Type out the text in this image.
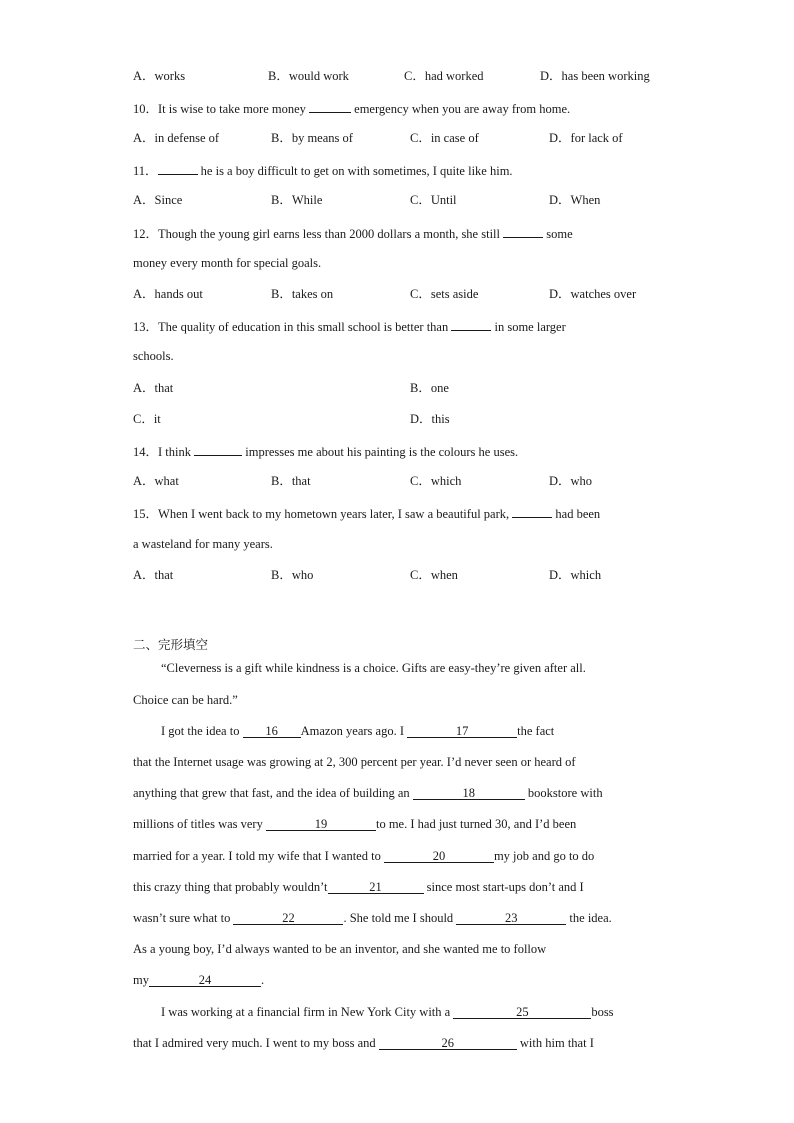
A．works	B．would work	C．had worked	D．has been working
10．It is wise to take more money	emergency when you are away from home.
A．in defense of	B．by means of	C．in case of	D．for lack of
11．	he is a boy difficult to get on with sometimes, I quite like him.
A．Since	B．While	C．Until	D．When
12．Though the young girl earns less than 2000 dollars a month, she still	some
money every month for special goals.
A．hands out	B．takes on	C．sets aside	D．watches over
13．The quality of education in this small school is better than	in some larger
schools.
A．that	B．one
C．it	D．this
14．I think	impresses me about his painting is the colours he uses.
A．what	B．that	C．which	D．who
15．When I went back to my hometown years later, I saw a beautiful park,	had been
a wasteland for many years.
A．that	B．who	C．when	D．which
二、完形填空
“Cleverness is a gift while kindness is a choice. Gifts are easy-they’re given after all.
Choice can be hard.”
I got the idea to 16 Amazon years ago. I	17	the fact
that the Internet usage was growing at 2, 300 percent per year. I’d never seen or heard of
anything that grew that fast, and the idea of building an	18	bookstore with
millions of titles was very	19	to me. I had just turned 30, and I’d been
married for a year. I told my wife that I wanted to	20	my job and go to do
this crazy thing that probably wouldn’t	21	since most start-ups don’t and I
wasn’t sure what to	22	. She told me I should	23	the idea.
As a young boy, I’d always wanted to be an inventor, and she wanted me to follow
my	24	.
I was working at a financial firm in New York City with a	25	boss
that I admired very much. I went to my boss and	26	with him that I
